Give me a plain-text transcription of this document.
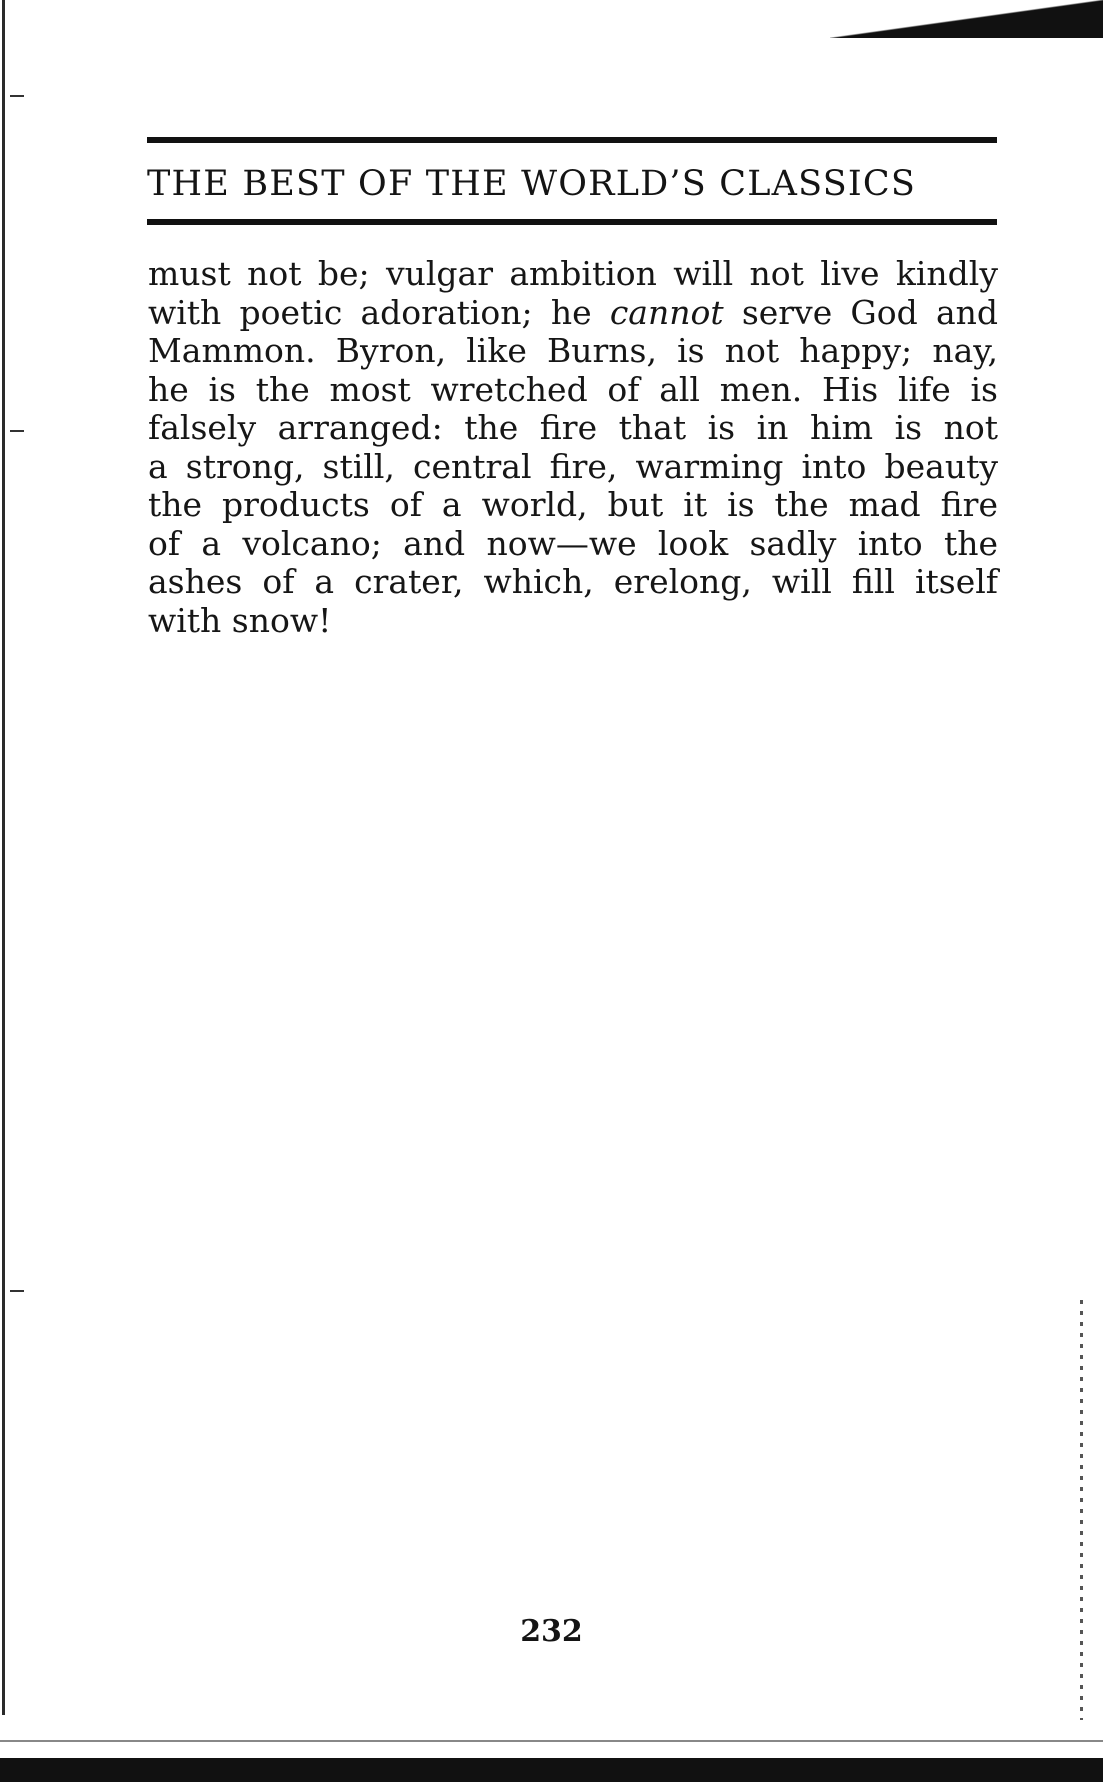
THE BEST OF THE WORLD’S CLASSICS
must not be; vulgar ambition will not live kindly
with poetic adoration; he cannot serve God and
Mammon. Byron, like Burns, is not happy; nay,
he is the most wretched of all men. His life is
falsely arranged: the fire that is in him is not
a strong, still, central fire, warming into beauty
the products of a world, but it is the mad fire
of a volcano; and now—we look sadly into the
ashes of a crater, which, erelong, will fill itself
with snow!
232
